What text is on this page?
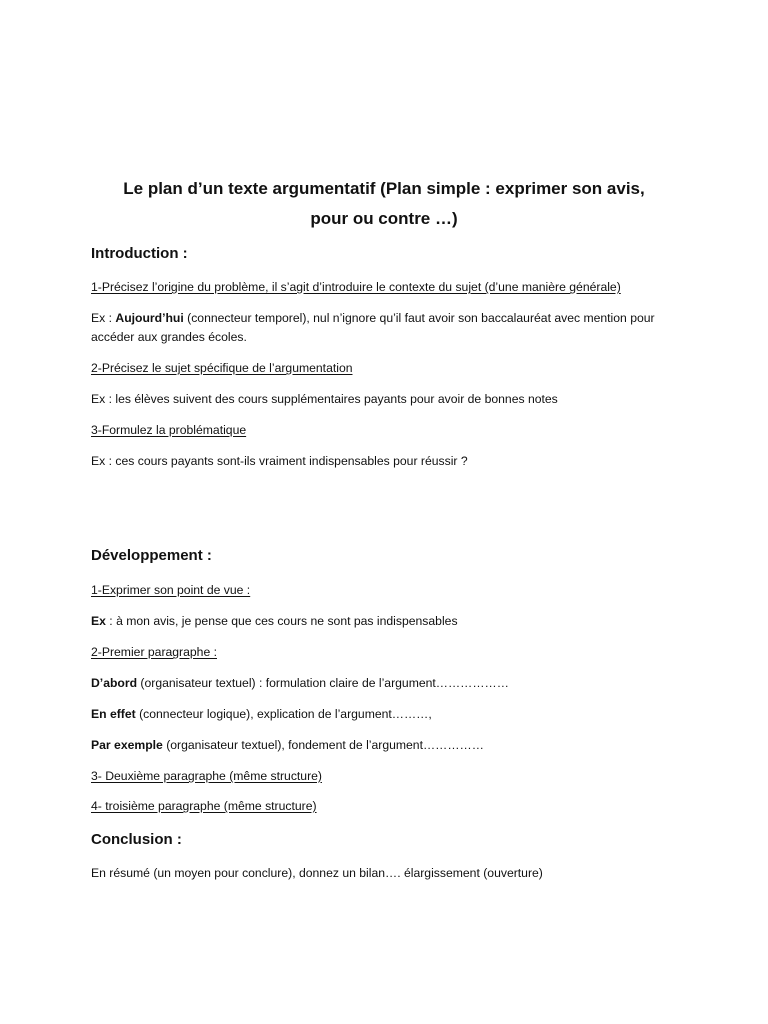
Le plan d’un texte argumentatif (Plan simple : exprimer son avis,
pour ou contre …)
Introduction :

1-Précisez l’origine du problème, il s’agit d’introduire le contexte du sujet (d’une manière générale)

Ex : Aujourd’hui (connecteur temporel), nul n’ignore qu’il faut avoir son baccalauréat avec mention pour accéder aux grandes écoles.

2-Précisez le sujet spécifique de l’argumentation

Ex : les élèves suivent des cours supplémentaires payants pour avoir de bonnes notes

3-Formulez la problématique

Ex : ces cours payants sont-ils vraiment indispensables pour réussir ?

Développement :

1-Exprimer son point de vue :

Ex : à mon avis, je pense que ces cours ne sont pas indispensables

2-Premier paragraphe :

D’abord (organisateur textuel) : formulation claire de l’argument………………

En effet (connecteur logique), explication de l’argument………,

Par exemple (organisateur textuel), fondement de l’argument……………

3- Deuxième paragraphe (même structure)

4- troisième paragraphe (même structure)

Conclusion :

En résumé (un moyen pour conclure), donnez un bilan…. élargissement (ouverture)
